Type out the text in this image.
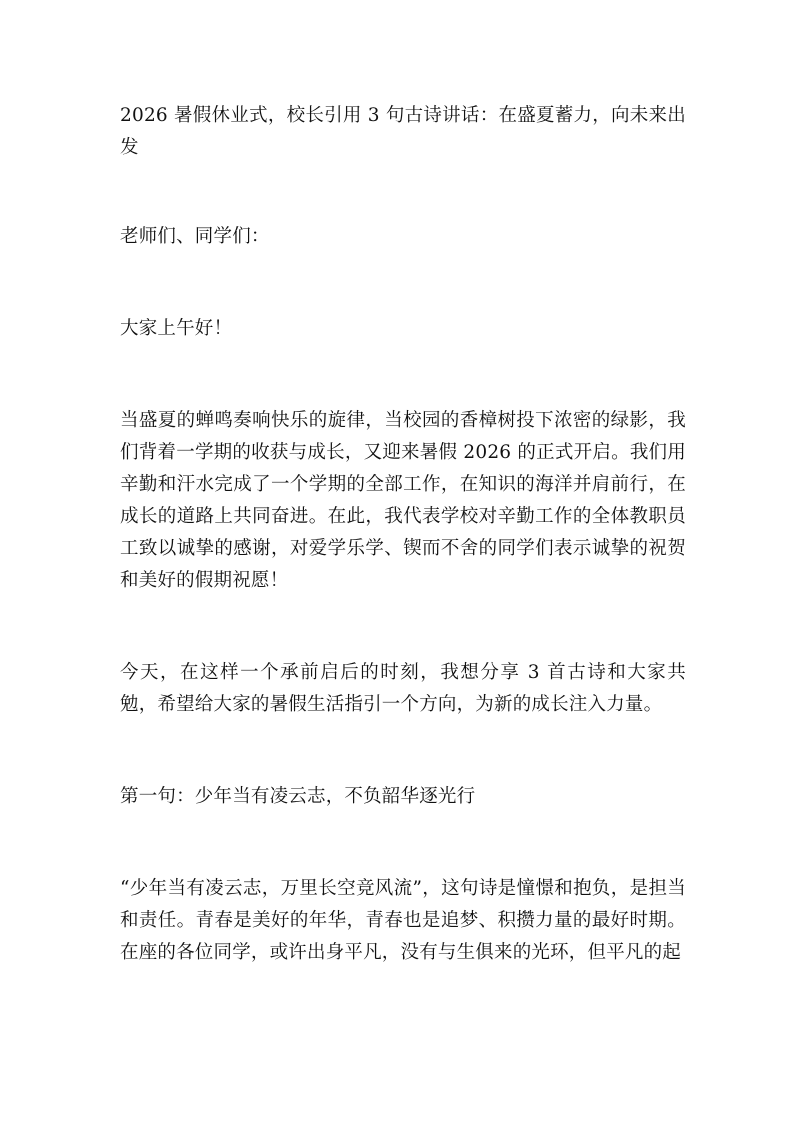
2026 暑假休业式，校长引用 3 句古诗讲话：在盛夏蓄力，向未来出发

老师们、同学们：

大家上午好！

当盛夏的蝉鸣奏响快乐的旋律，当校园的香樟树投下浓密的绿影，我们背着一学期的收获与成长，又迎来暑假 2026 的正式开启。我们用辛勤和汗水完成了一个学期的全部工作，在知识的海洋并肩前行，在成长的道路上共同奋进。在此，我代表学校对辛勤工作的全体教职员工致以诚挚的感谢，对爱学乐学、锲而不舍的同学们表示诚挚的祝贺和美好的假期祝愿！

今天，在这样一个承前启后的时刻，我想分享 3 首古诗和大家共勉，希望给大家的暑假生活指引一个方向，为新的成长注入力量。

第一句：少年当有凌云志，不负韶华逐光行

“少年当有凌云志，万里长空竞风流”，这句诗是憧憬和抱负，是担当和责任。青春是美好的年华，青春也是追梦、积攒力量的最好时期。在座的各位同学，或许出身平凡，没有与生俱来的光环，但平凡的起
